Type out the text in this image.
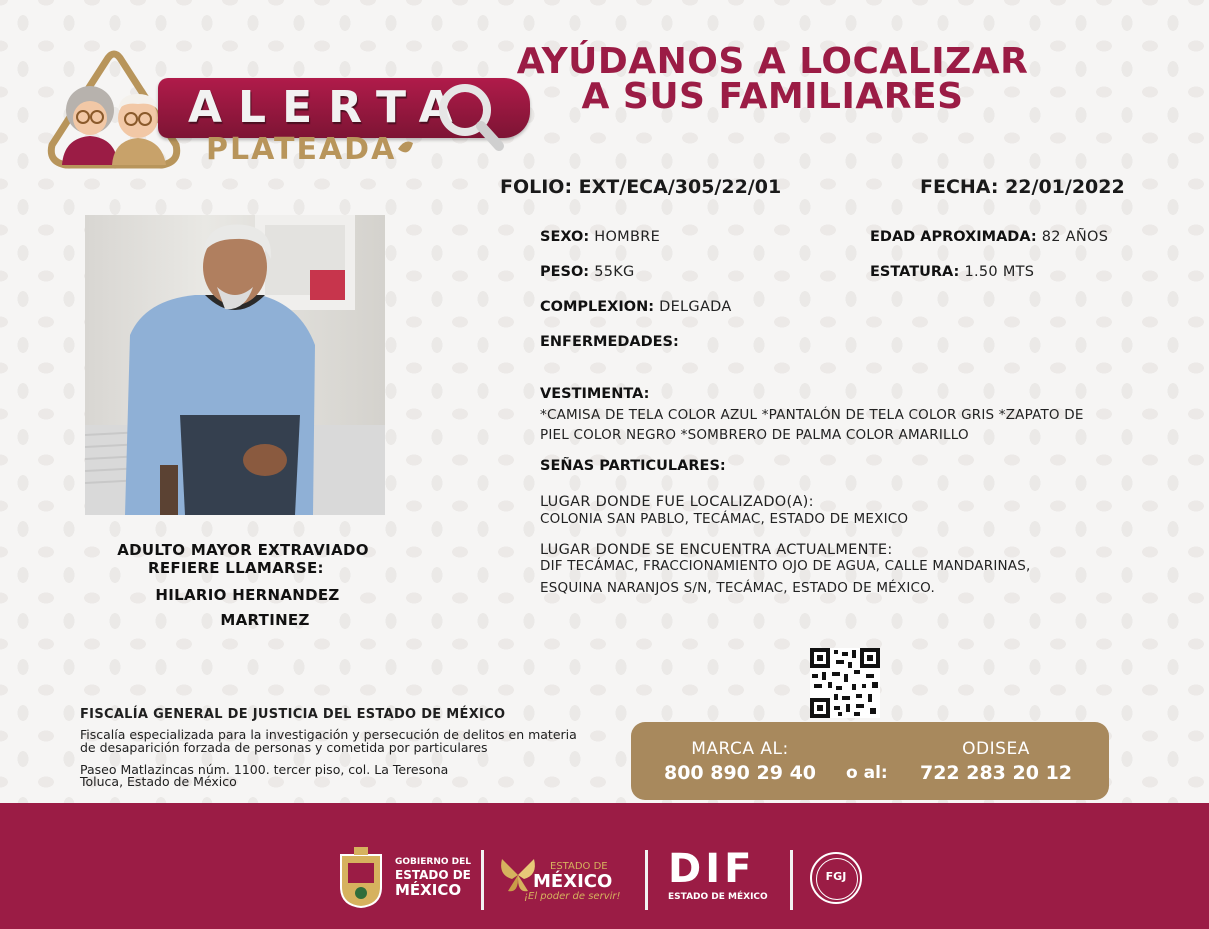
ALERTA
PLATEADA
AYÚDANOS A LOCALIZAR
A SUS FAMILIARES
FOLIO: EXT/ECA/305/22/01	FECHA: 22/01/2022
ADULTO MAYOR EXTRAVIADO
REFIERE LLAMARSE:
HILARIO HERNANDEZ
MARTINEZ
SEXO: HOMBRE
PESO: 55KG
COMPLEXION: DELGADA
ENFERMEDADES:
EDAD APROXIMADA: 82 AÑOS
ESTATURA: 1.50 MTS
VESTIMENTA:
*CAMISA DE TELA COLOR AZUL *PANTALÓN DE TELA COLOR GRIS *ZAPATO DE
PIEL COLOR NEGRO *SOMBRERO DE PALMA COLOR AMARILLO
SEÑAS PARTICULARES:
LUGAR DONDE FUE LOCALIZADO(A):
COLONIA SAN PABLO, TECÁMAC, ESTADO DE MEXICO
LUGAR DONDE SE ENCUENTRA ACTUALMENTE:
DIF TECÁMAC, FRACCIONAMIENTO OJO DE AGUA, CALLE MANDARINAS,
ESQUINA NARANJOS S/N, TECÁMAC, ESTADO DE MÉXICO.
FISCALÍA GENERAL DE JUSTICIA DEL ESTADO DE MÉXICO
Fiscalía especializada para la investigación y persecución de delitos en materia
de desaparición forzada de personas y cometida por particulares
Paseo Matlazincas núm. 1100. tercer piso, col. La Teresona
Toluca, Estado de México
MARCA AL:
800 890 29 40	o al:
ODISEA
722 283 20 12
GOBIERNO DEL
ESTADO DE
MÉXICO
ESTADO DE
MÉXICO
¡El poder de servir!
DIF
ESTADO DE MÉXICO
FGJ
